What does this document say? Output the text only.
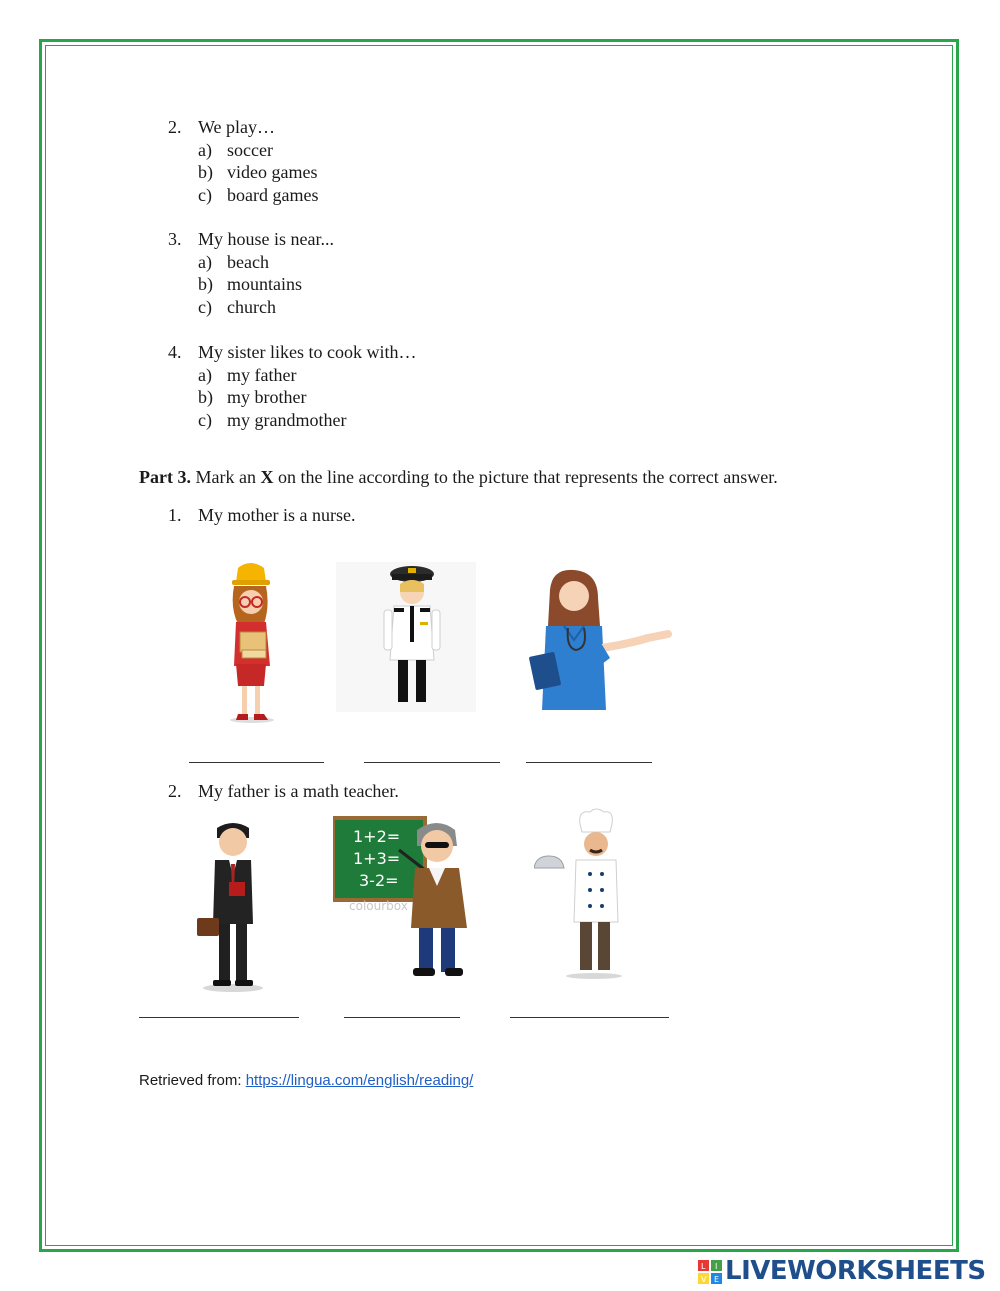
2. We play…
a) soccer
b) video games
c) board games
3. My house is near...
a) beach
b) mountains
c) church
4. My sister likes to cook with…
a) my father
b) my brother
c) my grandmother
Part 3. Mark an X on the line according to the picture that represents the correct answer.
1. My mother is a nurse.
2. My father is a math teacher.
1+2=
1+3=
3-2=
colourbox
Retrieved from: https://lingua.com/english/reading/
L I
V E LIVEWORKSHEETS
